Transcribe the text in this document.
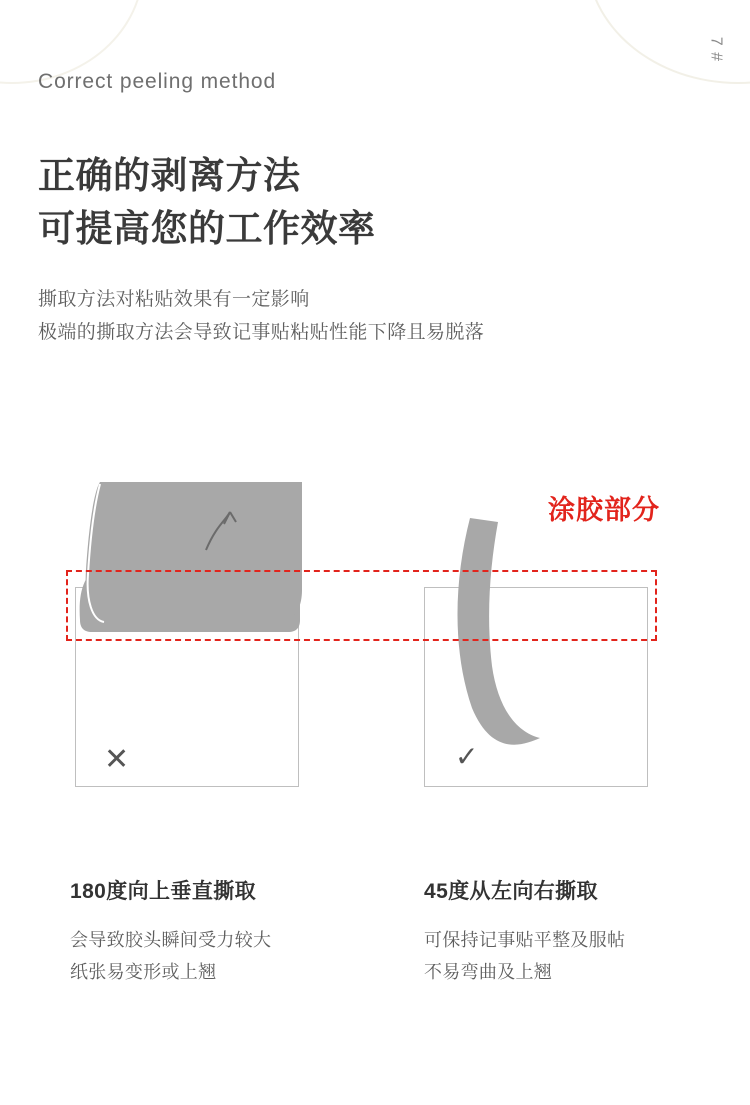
Correct peeling method
7 #
正确的剥离方法
可提高您的工作效率
撕取方法对粘贴效果有一定影响
极端的撕取方法会导致记事贴粘贴性能下降且易脱落
涂胶部分
✕	✓
180度向上垂直撕取
会导致胶头瞬间受力较大
纸张易变形或上翘
45度从左向右撕取
可保持记事贴平整及服帖
不易弯曲及上翘
